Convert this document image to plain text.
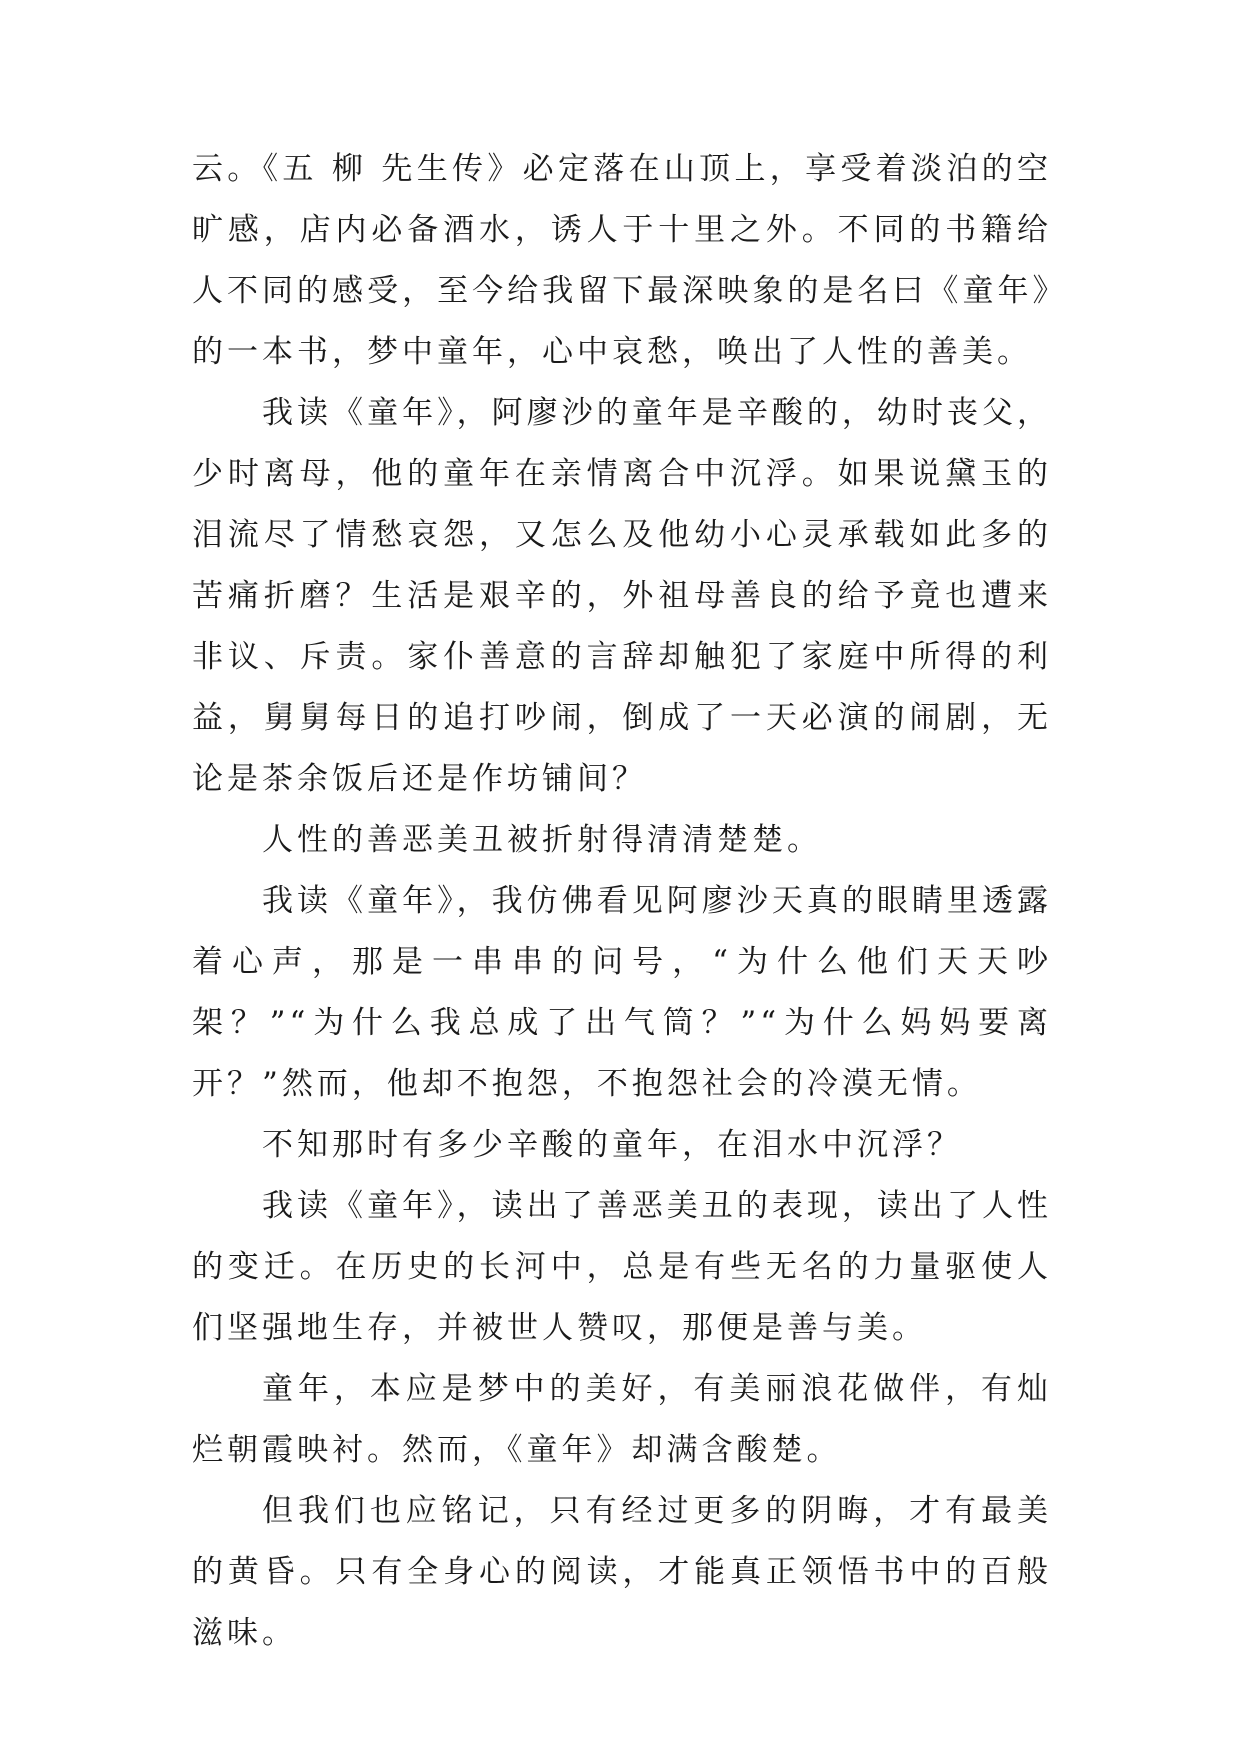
云。《五 柳 先生传》必定落在山顶上，享受着淡泊的空旷感，店内必备酒水，诱人于十里之外。不同的书籍给人不同的感受，至今给我留下最深映象的是名曰《童年》的一本书，梦中童年，心中哀愁，唤出了人性的善美。

我读《童年》，阿廖沙的童年是辛酸的，幼时丧父，少时离母，他的童年在亲情离合中沉浮。如果说黛玉的泪流尽了情愁哀怨，又怎么及他幼小心灵承载如此多的苦痛折磨？生活是艰辛的，外祖母善良的给予竟也遭来非议、斥责。家仆善意的言辞却触犯了家庭中所得的利益，舅舅每日的追打吵闹，倒成了一天必演的闹剧，无论是茶余饭后还是作坊铺间？

人性的善恶美丑被折射得清清楚楚。

我读《童年》，我仿佛看见阿廖沙天真的眼睛里透露着心声，那是一串串的问号，“为什么他们天天吵架？”“为什么我总成了出气筒？”“为什么妈妈要离开？”然而，他却不抱怨，不抱怨社会的冷漠无情。

不知那时有多少辛酸的童年，在泪水中沉浮？

我读《童年》，读出了善恶美丑的表现，读出了人性的变迁。在历史的长河中，总是有些无名的力量驱使人们坚强地生存，并被世人赞叹，那便是善与美。

童年，本应是梦中的美好，有美丽浪花做伴，有灿烂朝霞映衬。然而，《童年》却满含酸楚。

但我们也应铭记，只有经过更多的阴晦，才有最美的黄昏。只有全身心的阅读，才能真正领悟书中的百般滋味。
